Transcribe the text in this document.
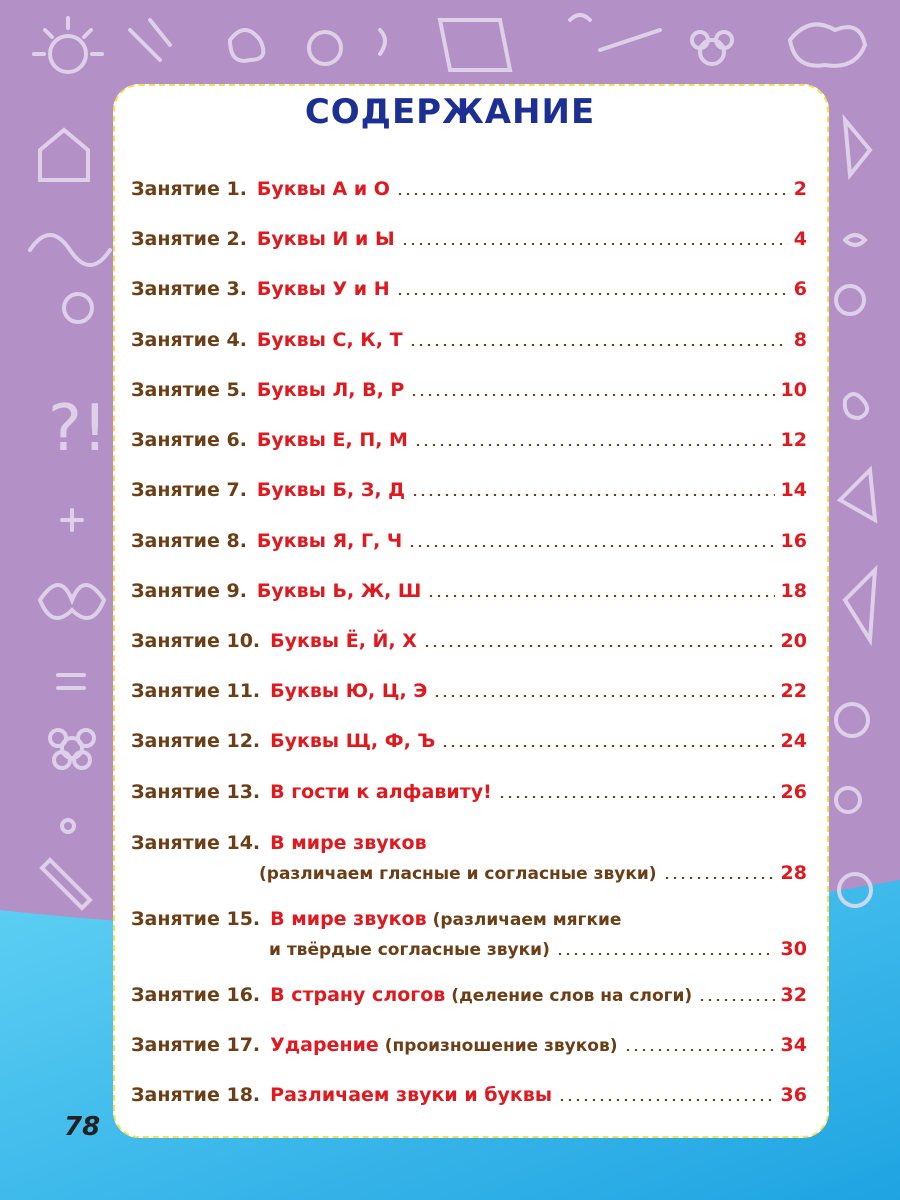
?!
СОДЕРЖАНИЕ
Занятие 1. Буквы А и О	2
Занятие 2. Буквы И и Ы	4
Занятие 3. Буквы У и Н	6
Занятие 4. Буквы С, К, Т	8
Занятие 5. Буквы Л, В, Р	10
Занятие 6. Буквы Е, П, М	12
Занятие 7. Буквы Б, З, Д	14
Занятие 8. Буквы Я, Г, Ч	16
Занятие 9. Буквы Ь, Ж, Ш	18
Занятие 10. Буквы Ё, Й, Х	20
Занятие 11. Буквы Ю, Ц, Э	22
Занятие 12. Буквы Щ, Ф, Ъ	24
Занятие 13. В гости к алфавиту!	26
Занятие 14. В мире звуков
(различаем гласные и согласные звуки)	28
Занятие 15. В мире звуков (различаем мягкие
и твёрдые согласные звуки)	30
Занятие 16. В страну слогов (деление слов на слоги)	32
Занятие 17. Ударение (произношение звуков)	34
Занятие 18. Различаем звуки и буквы	36

78
